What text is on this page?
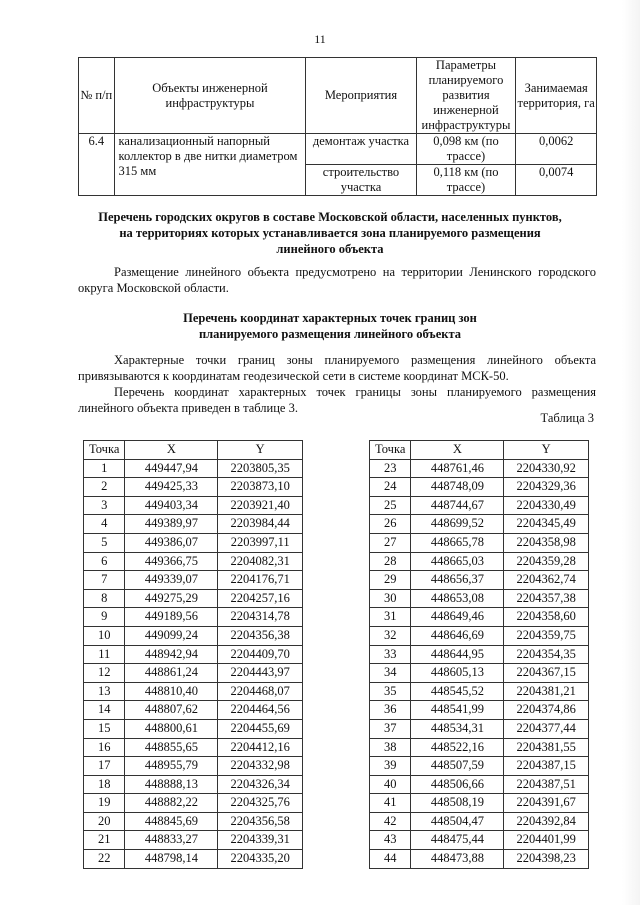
11
№ п/п	Объекты инженерной инфраструктуры	Мероприятия	Параметры планируемого развития инженерной инфраструктуры	Занимаемая территория, га
6.4	канализационный напорный коллектор в две нитки диаметром 315 мм	демонтаж участка	0,098 км (по трассе)	0,0062
		строительство участка	0,118 км (по трассе)	0,0074
Перечень городских округов в составе Московской области, населенных пунктов, на территориях которых устанавливается зона планируемого размещения линейного объекта
Размещение линейного объекта предусмотрено на территории Ленинского городского округа Московской области.
Перечень координат характерных точек границ зон планируемого размещения линейного объекта
Характерные точки границ зоны планируемого размещения линейного объекта привязываются к координатам геодезической сети в системе координат МСК-50.
Перечень координат характерных точек границы зоны планируемого размещения линейного объекта приведен в таблице 3.
Таблица 3
Точка	X	Y
1	449447,94	2203805,35
2	449425,33	2203873,10
3	449403,34	2203921,40
4	449389,97	2203984,44
5	449386,07	2203997,11
6	449366,75	2204082,31
7	449339,07	2204176,71
8	449275,29	2204257,16
9	449189,56	2204314,78
10	449099,24	2204356,38
11	448942,94	2204409,70
12	448861,24	2204443,97
13	448810,40	2204468,07
14	448807,62	2204464,56
15	448800,61	2204455,69
16	448855,65	2204412,16
17	448955,79	2204332,98
18	448888,13	2204326,34
19	448882,22	2204325,76
20	448845,69	2204356,58
21	448833,27	2204339,31
22	448798,14	2204335,20
Точка	X	Y
23	448761,46	2204330,92
24	448748,09	2204329,36
25	448744,67	2204330,49
26	448699,52	2204345,49
27	448665,78	2204358,98
28	448665,03	2204359,28
29	448656,37	2204362,74
30	448653,08	2204357,38
31	448649,46	2204358,60
32	448646,69	2204359,75
33	448644,95	2204354,35
34	448605,13	2204367,15
35	448545,52	2204381,21
36	448541,99	2204374,86
37	448534,31	2204377,44
38	448522,16	2204381,55
39	448507,59	2204387,15
40	448506,66	2204387,51
41	448508,19	2204391,67
42	448504,47	2204392,84
43	448475,44	2204401,99
44	448473,88	2204398,23
